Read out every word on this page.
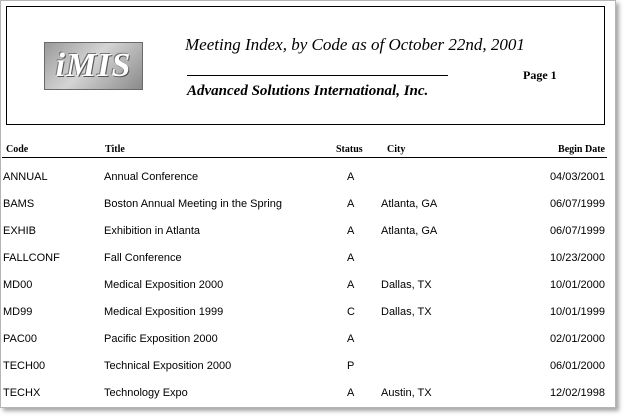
iMIS
Meeting Index, by Code as of October 22nd, 2001
Advanced Solutions International, Inc.
Page 1
Code	Title	Status City	Begin Date
ANNUAL	Annual Conference	A	04/03/2001
BAMS	Boston Annual Meeting in the Spring	A Atlanta, GA	06/07/1999
EXHIB	Exhibition in Atlanta	A Atlanta, GA	06/07/1999
FALLCONF	Fall Conference	A	10/23/2000
MD00	Medical Exposition 2000	A Dallas, TX	10/01/2000
MD99	Medical Exposition 1999	C Dallas, TX	10/01/1999
PAC00	Pacific Exposition 2000	A	02/01/2000
TECH00	Technical Exposition 2000	P	06/01/2000
TECHX	Technology Expo	A Austin, TX	12/02/1998
